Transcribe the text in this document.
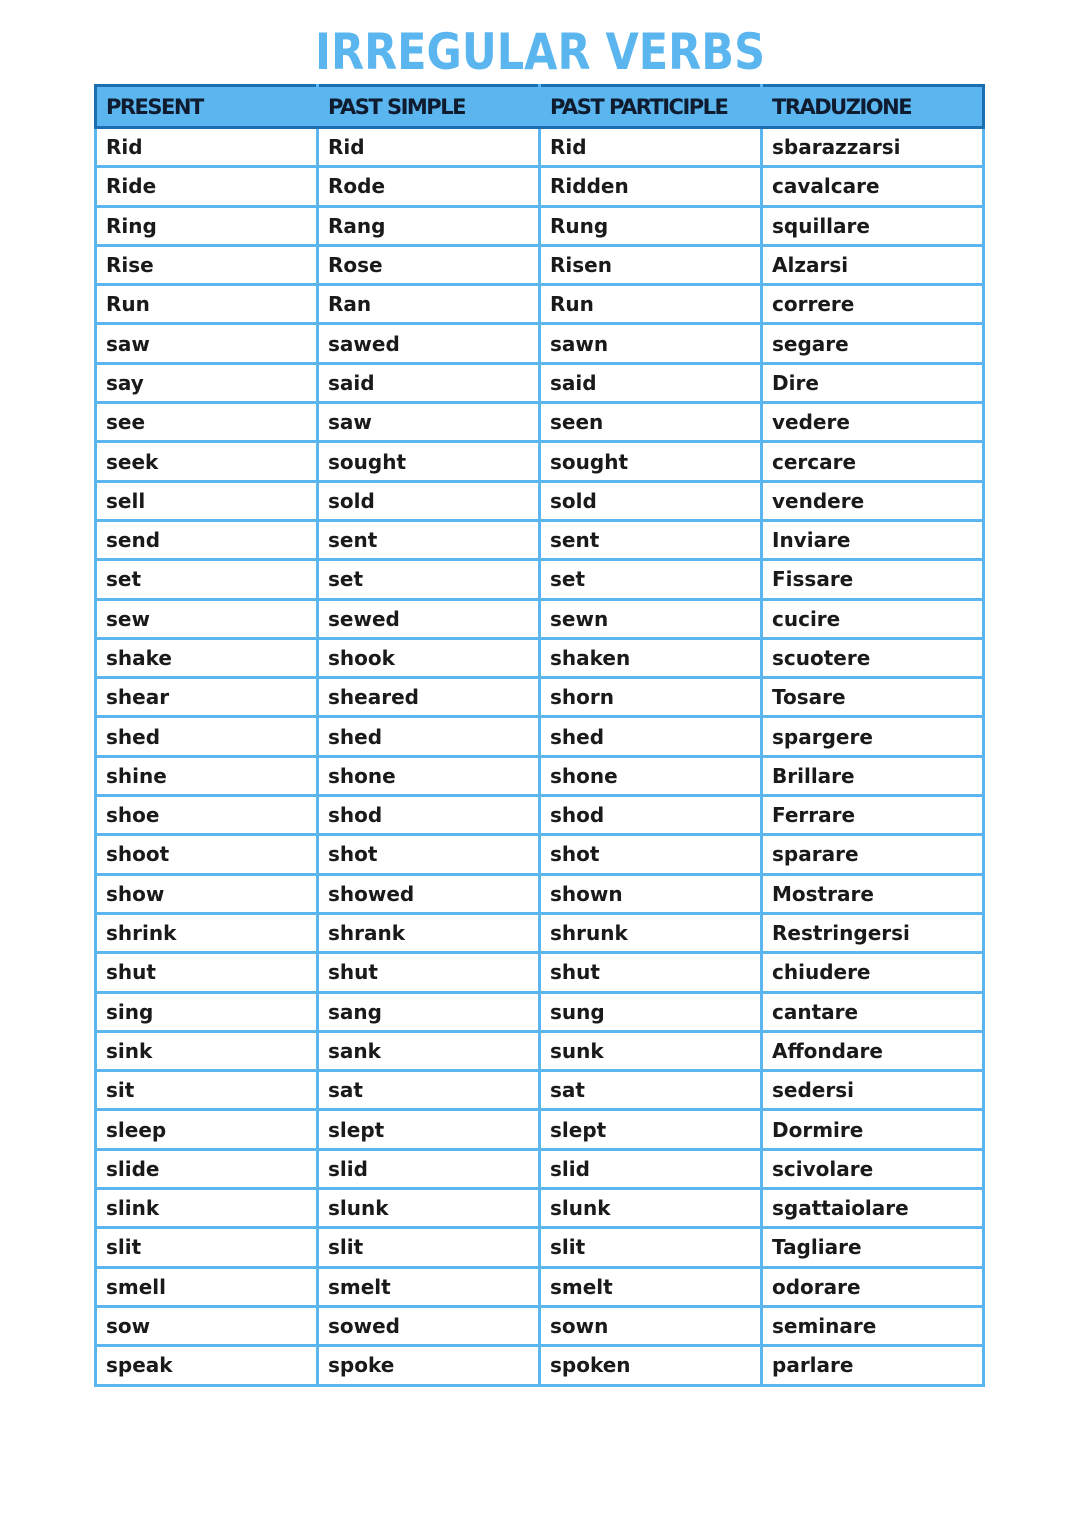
IRREGULAR VERBS
PRESENT	PAST SIMPLE	PAST PARTICIPLE	TRADUZIONE
Rid	Rid	Rid	sbarazzarsi
Ride	Rode	Ridden	cavalcare
Ring	Rang	Rung	squillare
Rise	Rose	Risen	Alzarsi
Run	Ran	Run	correre
saw	sawed	sawn	segare
say	said	said	Dire
see	saw	seen	vedere
seek	sought	sought	cercare
sell	sold	sold	vendere
send	sent	sent	Inviare
set	set	set	Fissare
sew	sewed	sewn	cucire
shake	shook	shaken	scuotere
shear	sheared	shorn	Tosare
shed	shed	shed	spargere
shine	shone	shone	Brillare
shoe	shod	shod	Ferrare
shoot	shot	shot	sparare
show	showed	shown	Mostrare
shrink	shrank	shrunk	Restringersi
shut	shut	shut	chiudere
sing	sang	sung	cantare
sink	sank	sunk	Affondare
sit	sat	sat	sedersi
sleep	slept	slept	Dormire
slide	slid	slid	scivolare
slink	slunk	slunk	sgattaiolare
slit	slit	slit	Tagliare
smell	smelt	smelt	odorare
sow	sowed	sown	seminare
speak	spoke	spoken	parlare
